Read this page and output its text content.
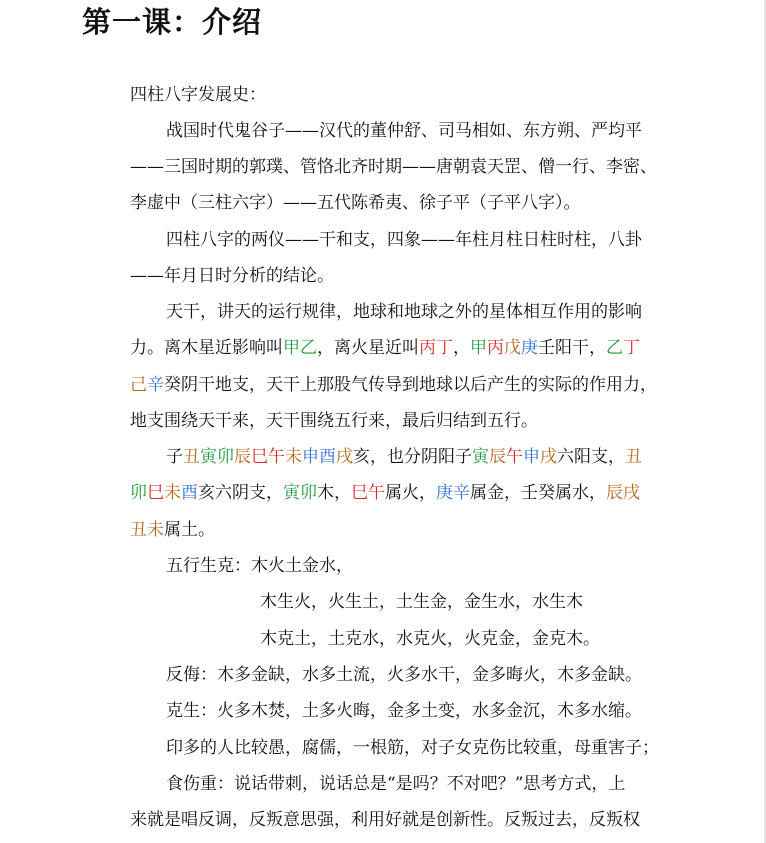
第一课：介绍
四柱八字发展史：
战国时代鬼谷子——汉代的董仲舒、司马相如、东方朔、严均平
——三国时期的郭璞、管恪北齐时期——唐朝袁天罡、僧一行、李密、
李虚中（三柱六字）——五代陈希夷、徐子平（子平八字）。
四柱八字的两仪——干和支，四象——年柱月柱日柱时柱，八卦
——年月日时分析的结论。
天干，讲天的运行规律，地球和地球之外的星体相互作用的影响
力。离木星近影响叫甲乙，离火星近叫丙丁，甲丙戊庚壬阳干，乙丁
己辛癸阴干地支，天干上那股气传导到地球以后产生的实际的作用力，
地支围绕天干来，天干围绕五行来，最后归结到五行。
子丑寅卯辰巳午未申酉戌亥，也分阴阳子寅辰午申戌六阳支，丑
卯巳未酉亥六阴支，寅卯木，巳午属火，庚辛属金，壬癸属水，辰戌
丑未属土。
五行生克：木火土金水，
木生火，火生土，土生金，金生水，水生木
木克土，土克水，水克火，火克金，金克木。
反侮：木多金缺，水多土流，火多水干，金多晦火，木多金缺。
克生：火多木焚，土多火晦，金多土变，水多金沉，木多水缩。
印多的人比较愚，腐儒，一根筋，对子女克伤比较重，母重害子；
食伤重：说话带刺，说话总是“是吗？不对吧？”思考方式，上
来就是唱反调，反叛意思强，利用好就是创新性。反叛过去，反叛权
